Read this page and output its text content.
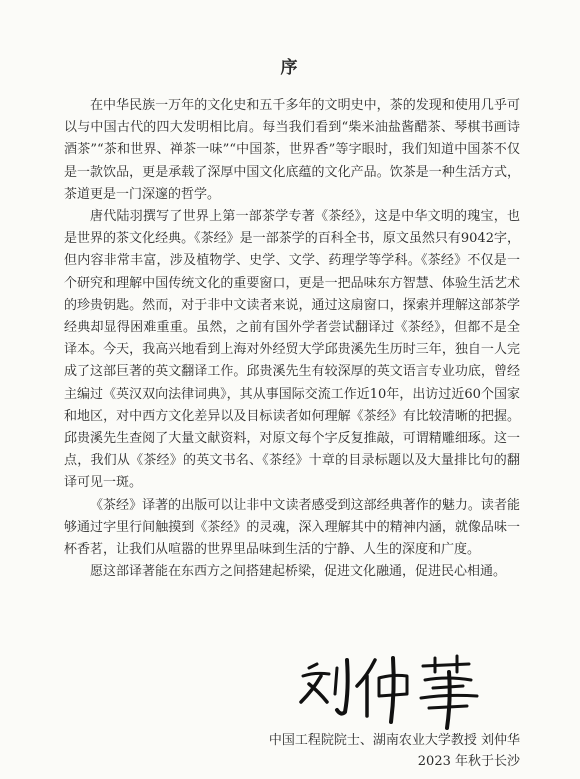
序

在中华民族一万年的文化史和五千多年的文明史中，茶的发现和使用几乎可以与中国古代的四大发明相比肩。每当我们看到“柴米油盐酱醋茶、琴棋书画诗酒茶”“茶和世界、禅茶一味”“中国茶，世界香”等字眼时，我们知道中国茶不仅是一款饮品，更是承载了深厚中国文化底蕴的文化产品。饮茶是一种生活方式，茶道更是一门深邃的哲学。

唐代陆羽撰写了世界上第一部茶学专著《茶经》，这是中华文明的瑰宝，也是世界的茶文化经典。《茶经》是一部茶学的百科全书，原文虽然只有9042字，但内容非常丰富，涉及植物学、史学、文学、药理学等学科。《茶经》不仅是一个研究和理解中国传统文化的重要窗口，更是一把品味东方智慧、体验生活艺术的珍贵钥匙。然而，对于非中文读者来说，通过这扇窗口，探索并理解这部茶学经典却显得困难重重。虽然，之前有国外学者尝试翻译过《茶经》，但都不是全译本。今天，我高兴地看到上海对外经贸大学邱贵溪先生历时三年，独自一人完成了这部巨著的英文翻译工作。邱贵溪先生有较深厚的英文语言专业功底，曾经主编过《英汉双向法律词典》，其从事国际交流工作近10年，出访过近60个国家和地区，对中西方文化差异以及目标读者如何理解《茶经》有比较清晰的把握。邱贵溪先生查阅了大量文献资料，对原文每个字反复推敲，可谓精雕细琢。这一点，我们从《茶经》的英文书名、《茶经》十章的目录标题以及大量排比句的翻译可见一斑。

《茶经》译著的出版可以让非中文读者感受到这部经典著作的魅力。读者能够通过字里行间触摸到《茶经》的灵魂，深入理解其中的精神内涵，就像品味一杯香茗，让我们从喧嚣的世界里品味到生活的宁静、人生的深度和广度。

愿这部译著能在东西方之间搭建起桥梁，促进文化融通，促进民心相通。

中国工程院院士、湖南农业大学教授 刘仲华
2023 年秋于长沙
